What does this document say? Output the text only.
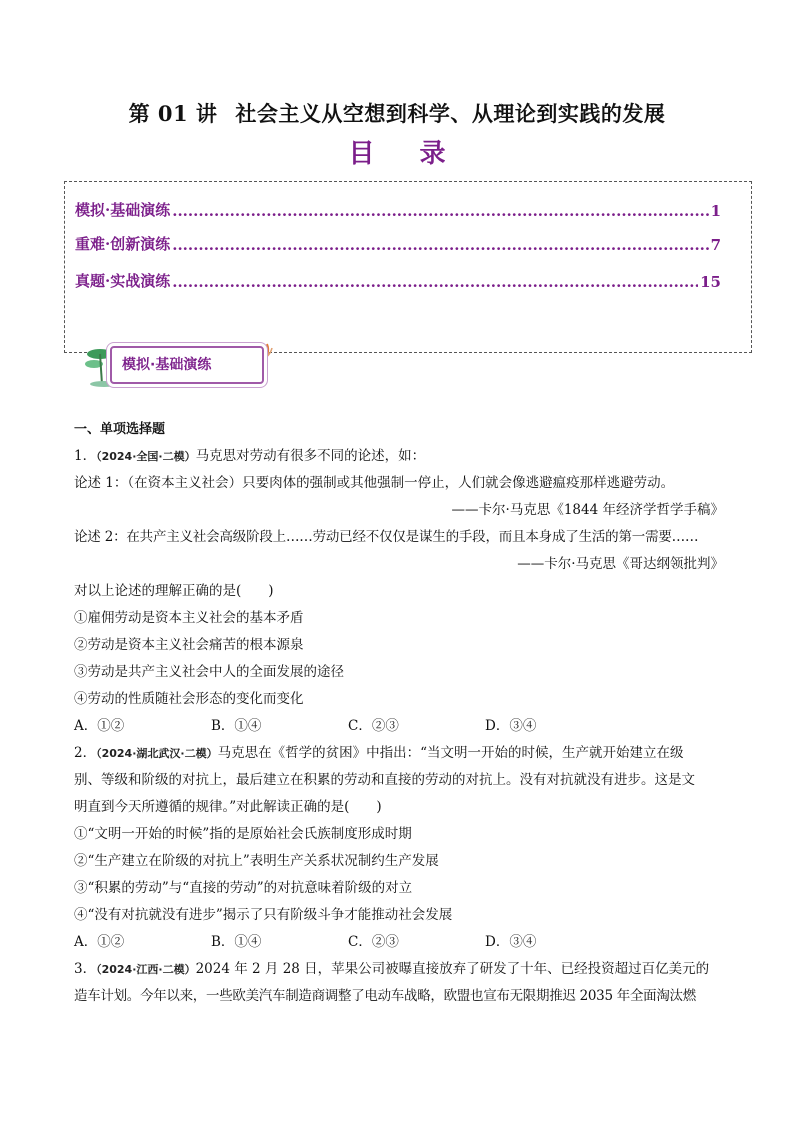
第 01 讲 社会主义从空想到科学、从理论到实践的发展
目 录
模拟·基础演练 .....	1
重难·创新演练 .....	7
真题·实战演练 .....	15
模拟·基础演练
一、单项选择题
1．（2024·全国·二模）马克思对劳动有很多不同的论述，如：
论述 1：（在资本主义社会）只要肉体的强制或其他强制一停止，人们就会像逃避瘟疫那样逃避劳动。
——卡尔·马克思《1844 年经济学哲学手稿》
论述 2：在共产主义社会高级阶段上……劳动已经不仅仅是谋生的手段，而且本身成了生活的第一需要……
——卡尔·马克思《哥达纲领批判》
对以上论述的理解正确的是(　　)
①雇佣劳动是资本主义社会的基本矛盾
②劳动是资本主义社会痛苦的根本源泉
③劳动是共产主义社会中人的全面发展的途径
④劳动的性质随社会形态的变化而变化
A．①②	B．①④	C．②③	D．③④
2．（2024·湖北武汉·二模）马克思在《哲学的贫困》中指出：“当文明一开始的时候，生产就开始建立在级
别、等级和阶级的对抗上，最后建立在积累的劳动和直接的劳动的对抗上。没有对抗就没有进步。这是文
明直到今天所遵循的规律。”对此解读正确的是(　　)
①“文明一开始的时候”指的是原始社会氏族制度形成时期
②“生产建立在阶级的对抗上”表明生产关系状况制约生产发展
③“积累的劳动”与“直接的劳动”的对抗意味着阶级的对立
④“没有对抗就没有进步”揭示了只有阶级斗争才能推动社会发展
A．①②	B．①④	C．②③	D．③④
3．（2024·江西·二模）2024 年 2 月 28 日，苹果公司被曝直接放弃了研发了十年、已经投资超过百亿美元的
造车计划。今年以来，一些欧美汽车制造商调整了电动车战略，欧盟也宣布无限期推迟 2035 年全面淘汰燃
